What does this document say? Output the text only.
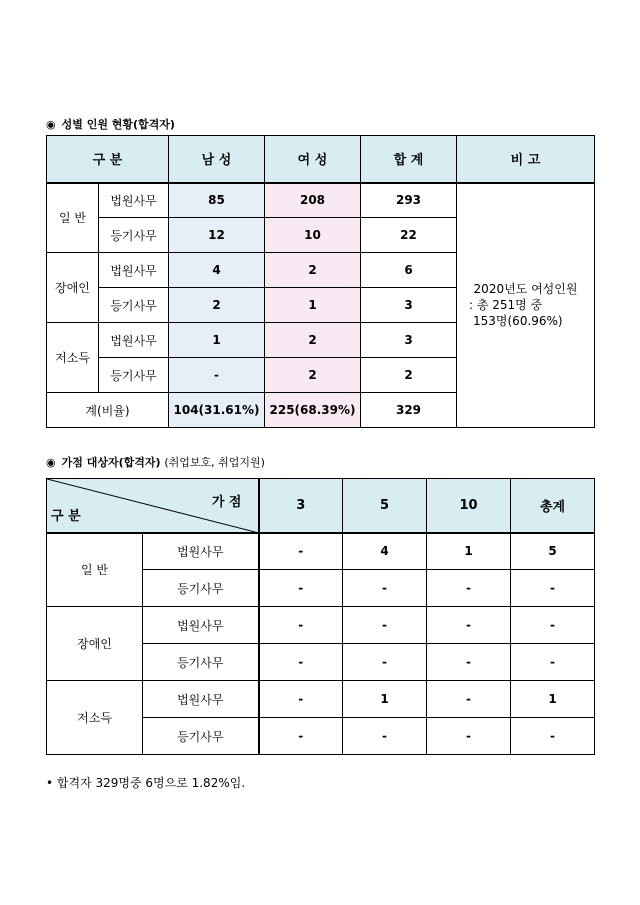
◉ 성별 인원 현황(합격자)
구 분		남 성	여 성	합 계	비 고
일 반	법원사무	85	208	293	2020년도 여성인원
: 총 251명 중
153명(60.96%)

	등기사무	12	10	22	
장애인	법원사무	4	2	6	
	등기사무	2	1	3	
저소득	법원사무	1	2	3	
	등기사무	-	2	2	
계(비율)		104(31.61%)	225(68.39%)	329	
◉ 가점 대상자(합격자) (취업보호, 취업지원)
가 점
구 분		3	5	10	총계
일 반	법원사무	-	4	1	5
	등기사무	-	-	-	-
장애인	법원사무	-	-	-	-
	등기사무	-	-	-	-
저소득	법원사무	-	1	-	1
	등기사무	-	-	-	-
• 합격자 329명중 6명으로 1.82%임.
